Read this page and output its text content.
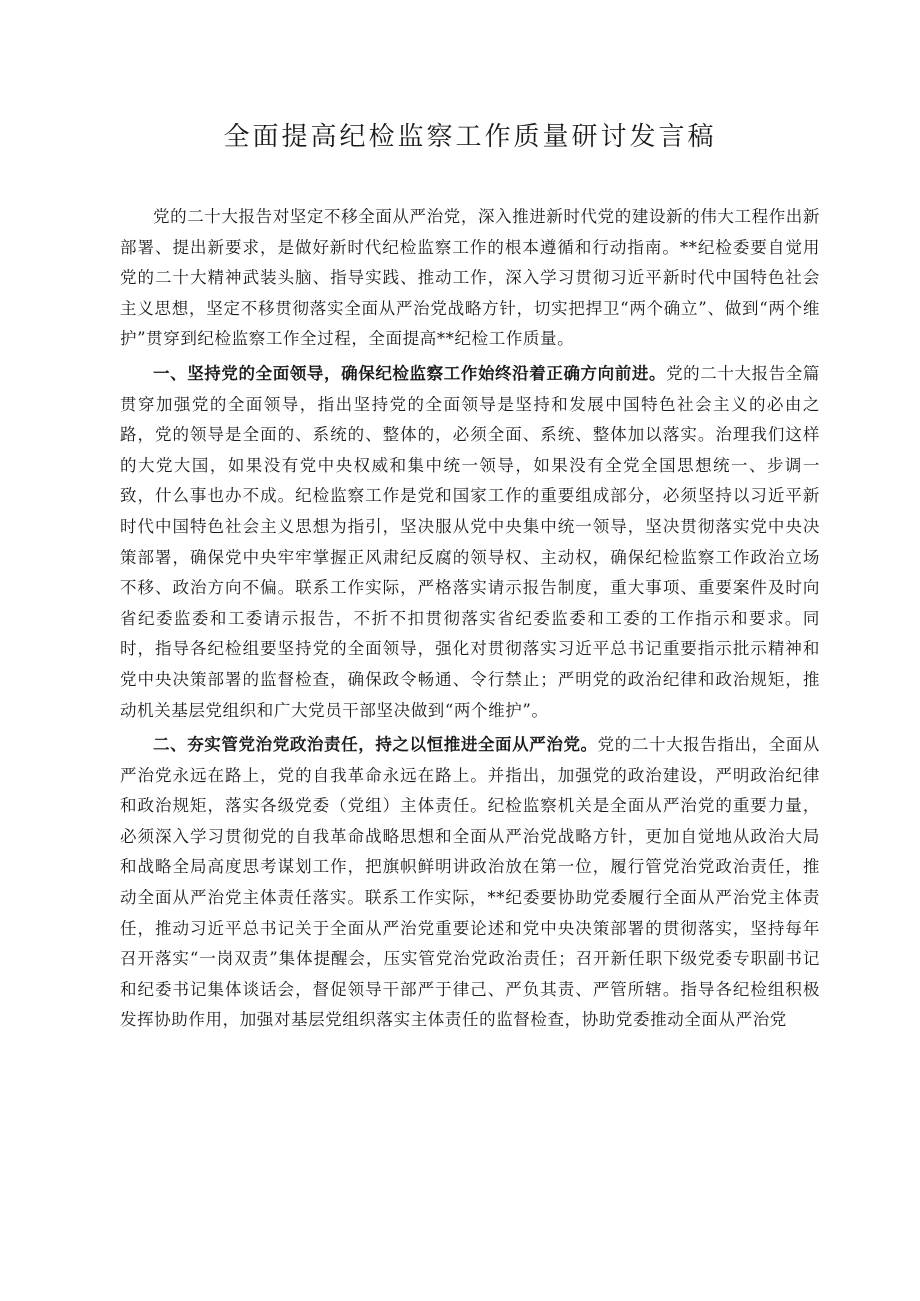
全面提高纪检监察工作质量研讨发言稿

党的二十大报告对坚定不移全面从严治党，深入推进新时代党的建设新的伟大工程作出新部署、提出新要求，是做好新时代纪检监察工作的根本遵循和行动指南。**纪检委要自觉用党的二十大精神武装头脑、指导实践、推动工作，深入学习贯彻习近平新时代中国特色社会主义思想，坚定不移贯彻落实全面从严治党战略方针，切实把捍卫“两个确立”、做到“两个维护”贯穿到纪检监察工作全过程，全面提高**纪检工作质量。

一、坚持党的全面领导，确保纪检监察工作始终沿着正确方向前进。党的二十大报告全篇贯穿加强党的全面领导，指出坚持党的全面领导是坚持和发展中国特色社会主义的必由之路，党的领导是全面的、系统的、整体的，必须全面、系统、整体加以落实。治理我们这样的大党大国，如果没有党中央权威和集中统一领导，如果没有全党全国思想统一、步调一致，什么事也办不成。纪检监察工作是党和国家工作的重要组成部分，必须坚持以习近平新时代中国特色社会主义思想为指引，坚决服从党中央集中统一领导，坚决贯彻落实党中央决策部署，确保党中央牢牢掌握正风肃纪反腐的领导权、主动权，确保纪检监察工作政治立场不移、政治方向不偏。联系工作实际，严格落实请示报告制度，重大事项、重要案件及时向省纪委监委和工委请示报告，不折不扣贯彻落实省纪委监委和工委的工作指示和要求。同时，指导各纪检组要坚持党的全面领导，强化对贯彻落实习近平总书记重要指示批示精神和党中央决策部署的监督检查，确保政令畅通、令行禁止；严明党的政治纪律和政治规矩，推动机关基层党组织和广大党员干部坚决做到“两个维护”。

二、夯实管党治党政治责任，持之以恒推进全面从严治党。党的二十大报告指出，全面从严治党永远在路上，党的自我革命永远在路上。并指出，加强党的政治建设，严明政治纪律和政治规矩，落实各级党委（党组）主体责任。纪检监察机关是全面从严治党的重要力量，必须深入学习贯彻党的自我革命战略思想和全面从严治党战略方针，更加自觉地从政治大局和战略全局高度思考谋划工作，把旗帜鲜明讲政治放在第一位，履行管党治党政治责任，推动全面从严治党主体责任落实。联系工作实际，**纪委要协助党委履行全面从严治党主体责任，推动习近平总书记关于全面从严治党重要论述和党中央决策部署的贯彻落实，坚持每年召开落实“一岗双责”集体提醒会，压实管党治党政治责任；召开新任职下级党委专职副书记和纪委书记集体谈话会，督促领导干部严于律己、严负其责、严管所辖。指导各纪检组积极发挥协助作用，加强对基层党组织落实主体责任的监督检查，协助党委推动全面从严治党
